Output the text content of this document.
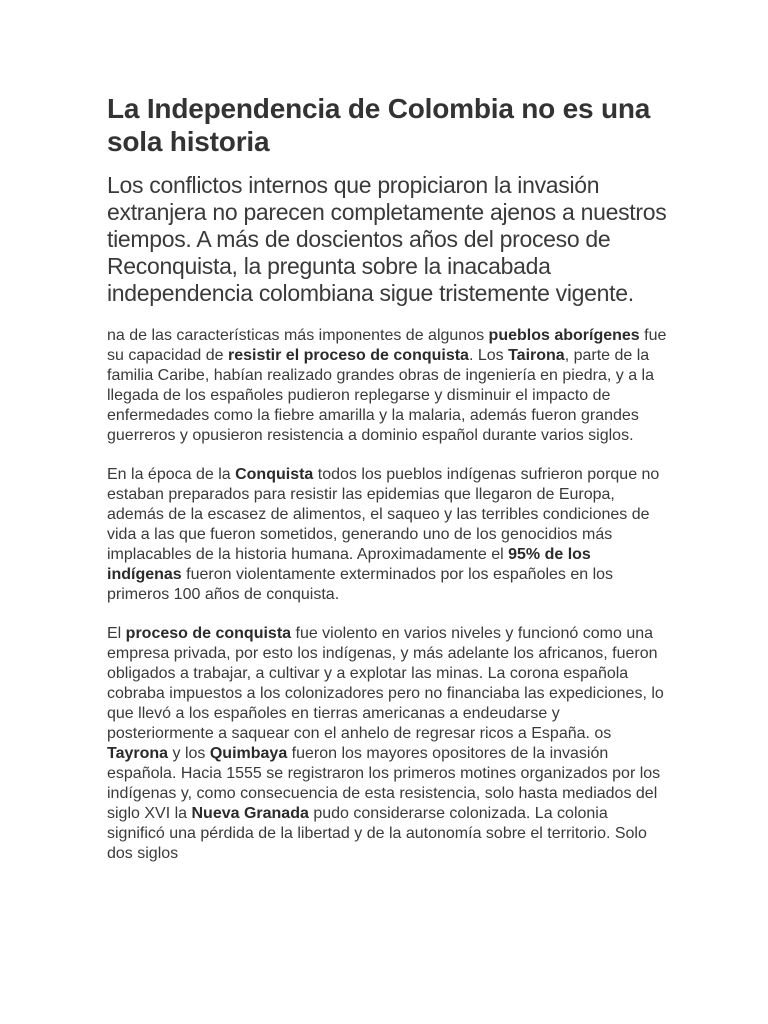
La Independencia de Colombia no es una sola historia

Los conflictos internos que propiciaron la invasión extranjera no parecen completamente ajenos a nuestros tiempos. A más de doscientos años del proceso de Reconquista, la pregunta sobre la inacabada independencia colombiana sigue tristemente vigente.

na de las características más imponentes de algunos pueblos aborígenes fue su capacidad de resistir el proceso de conquista. Los Tairona, parte de la familia Caribe, habían realizado grandes obras de ingeniería en piedra, y a la llegada de los españoles pudieron replegarse y disminuir el impacto de enfermedades como la fiebre amarilla y la malaria, además fueron grandes guerreros y opusieron resistencia a dominio español durante varios siglos.

En la época de la Conquista todos los pueblos indígenas sufrieron porque no estaban preparados para resistir las epidemias que llegaron de Europa, además de la escasez de alimentos, el saqueo y las terribles condiciones de vida a las que fueron sometidos, generando uno de los genocidios más implacables de la historia humana. Aproximadamente el 95% de los indígenas fueron violentamente exterminados por los españoles en los primeros 100 años de conquista.

El proceso de conquista fue violento en varios niveles y funcionó como una empresa privada, por esto los indígenas, y más adelante los africanos, fueron obligados a trabajar, a cultivar y a explotar las minas. La corona española cobraba impuestos a los colonizadores pero no financiaba las expediciones, lo que llevó a los españoles en tierras americanas a endeudarse y posteriormente a saquear con el anhelo de regresar ricos a España. os Tayrona y los Quimbaya fueron los mayores opositores de la invasión española. Hacia 1555 se registraron los primeros motines organizados por los indígenas y, como consecuencia de esta resistencia, solo hasta mediados del siglo XVI la Nueva Granada pudo considerarse colonizada. La colonia significó una pérdida de la libertad y de la autonomía sobre el territorio. Solo dos siglos
